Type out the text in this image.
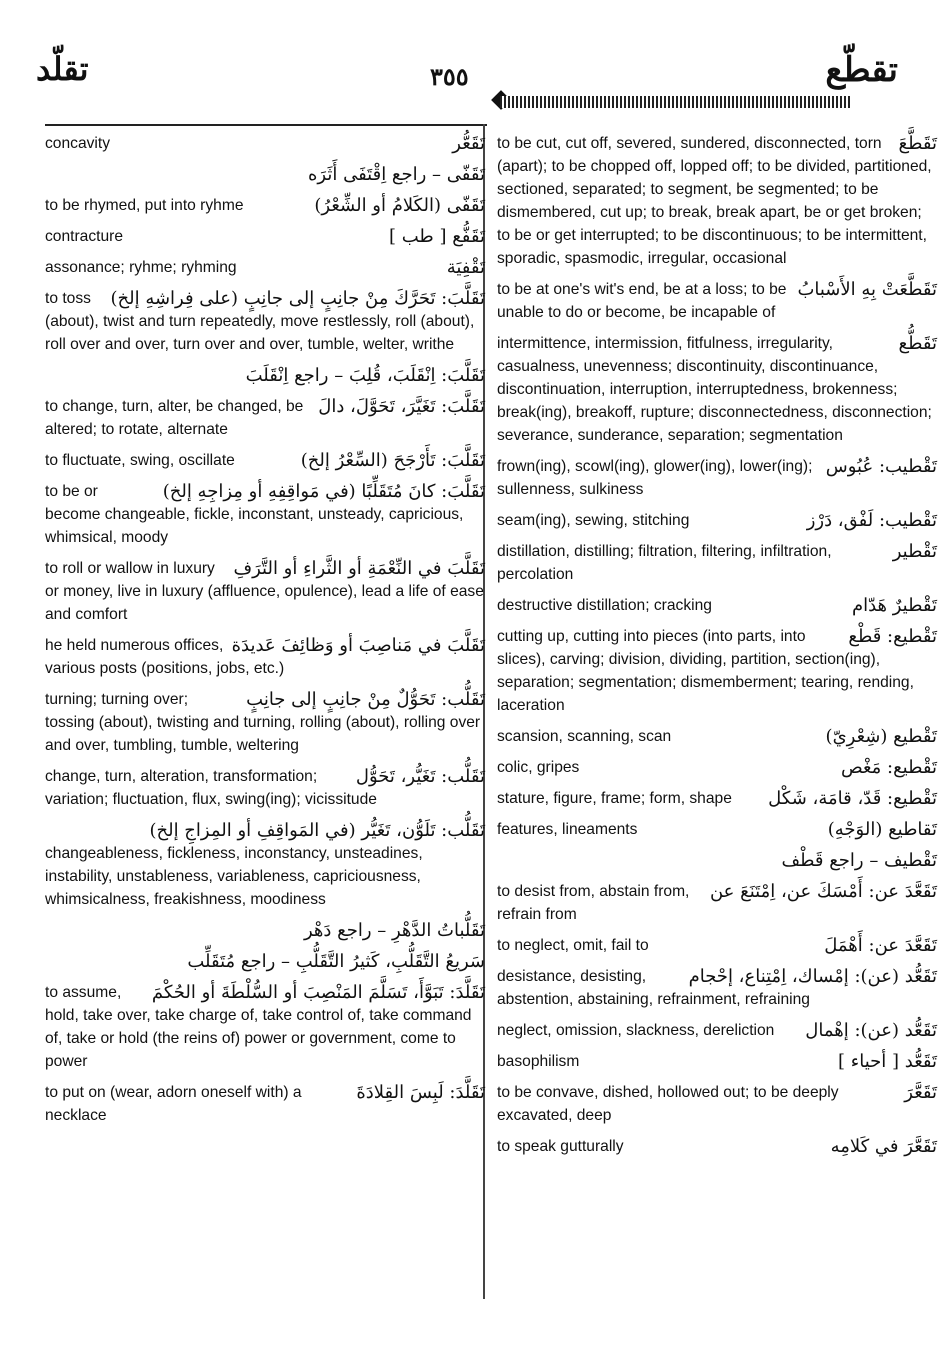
تقلّد	٣٥٥	تقطّع
تَقَعُّر
concavity
تَقَفّى – راجع اِقْتَفَى أَثَرَه
تَقَفّى (الكَلامُ أو الشِّعْرُ)
to be rhymed, put into ryhme
تَقَفُّع [ طب ]
contracture
تَقْفِيَة
assonance; ryhme; ryhming
تَقَلَّبَ: تَحَرَّكَ مِنْ جانِبٍ إلى جانِبٍ (على فِراشِهِ إلخ)
to toss (about), twist and turn repeatedly, move restlessly, roll (about), roll over and over, turn over and over, tumble, welter, writhe
تَقَلَّبَ: اِنْقَلَبَ، قُلِبَ – راجع اِنْقَلَبَ
تَقَلَّبَ: تَغَيَّرَ، تَحَوَّلَ، دالَ
to change, turn, alter, be changed, be altered; to rotate, alternate
تَقَلَّبَ: تَأَرْجَحَ (السِّعْرُ إلخ)
to fluctuate, swing, oscillate
تَقَلَّبَ: كانَ مُتَقَلِّبًا (في مَواقِفِهِ أو مِزاجِهِ إلخ)
to be or become changeable, fickle, inconstant, unsteady, capricious, whimsical, moody
تَقَلَّبَ في النِّعْمَةِ أو الثَّراءِ أو التَّرَفِ
to roll or wallow in luxury or money, live in luxury (affluence, opulence), lead a life of ease and comfort
تَقَلَّبَ في مَناصِبَ أو وَظائِفَ عَديدَة
he held numerous offices, various posts (positions, jobs, etc.)
تَقَلُّب: تَحَوُّلٌ مِنْ جانِبٍ إلى جانِبٍ
turning; turning over; tossing (about), twisting and turning, rolling (about), rolling over and over, tumbling, tumble, weltering
تَقَلُّب: تَغَيُّر، تَحَوُّل
change, turn, alteration, transformation; variation; fluctuation, flux, swing(ing); vicissitude
تَقَلُّب: تَلَوُّن، تَغَيُّر (في المَواقِفِ أو المِزاجِ إلخ)
changeableness, fickleness, inconstancy, unsteadines, instability, unstableness, variableness, capriciousness, whimsicalness, freakishness, moodiness
تَقَلُّباتُ الدَّهْرِ – راجع دَهْر
سَريعُ التَّقَلُّبِ، كَثيرُ التَّقَلُّبِ – راجع مُتَقَلِّب
تَقَلَّدَ: تَبَوَّأَ، تَسَلَّمَ المَنْصِبَ أو السُّلْطَةَ أو الحُكْمَ
to assume, hold, take over, take charge of, take control of, take command of, take or hold (the reins of) power or government, come to power
تَقَلَّدَ: لَبِسَ القِلادَةَ
to put on (wear, adorn oneself with) a necklace
تَقَطَّعَ
to be cut, cut off, severed, sundered, disconnected, torn (apart); to be chopped off, lopped off; to be divided, partitioned, sectioned, separated; to segment, be segmented; to be dismembered, cut up; to break, break apart, be or get broken; to be or get interrupted; to be discontinuous; to be intermittent, sporadic, spasmodic, irregular, occasional
تَقَطَّعَتْ بِهِ الأَسْبابُ
to be at one's wit's end, be at a loss; to be unable to do or become, be incapable of
تَقَطُّع
intermittence, intermission, fitfulness, irregularity, casualness, unevenness; discontinuity, discontinuance, discontinuation, interruption, interruptedness, brokenness; break(ing), breakoff, rupture; disconnectedness, disconnection; severance, sunderance, separation; segmentation
تَقْطيب: عُبُوس
frown(ing), scowl(ing), glower(ing), lower(ing); sullenness, sulkiness
تَقْطيب: لَفْق، دَرْز
seam(ing), sewing, stitching
تَقْطير
distillation, distilling; filtration, filtering, infiltration, percolation
تَقْطيرٌ هَدّام
destructive distillation; cracking
تَقْطيع: قَطْع
cutting up, cutting into pieces (into parts, into slices), carving; division, dividing, partition, section(ing), separation; segmentation; dismemberment; tearing, rending, laceration
تَقْطيع (شِعْرِيّ)
scansion, scanning, scan
تَقْطيع: مَغْص
colic, gripes
تَقْطيع: قَدّ، قامَة، شَكْل
stature, figure, frame; form, shape
تَقاطيع (الوَجْهِ)
features, lineaments
تَقْطيف – راجع قَطْف
تَقَعَّدَ عن: أَمْسَكَ عن، اِمْتَنَعَ عن
to desist from, abstain from, refrain from
تَقَعَّدَ عن: أَهْمَلَ
to neglect, omit, fail to
تَقَعُّد (عن): إمْساك، اِمْتِناع، إحْجام
desistance, desisting, abstention, abstaining, refrainment, refraining
تَقَعُّد (عن): إهْمال
neglect, omission, slackness, dereliction
تَقَعُّد [ أحياء ]
basophilism
تَقَعَّرَ
to be convave, dished, hollowed out; to be deeply excavated, deep
تَقَعَّرَ في كَلامِه
to speak gutturally
